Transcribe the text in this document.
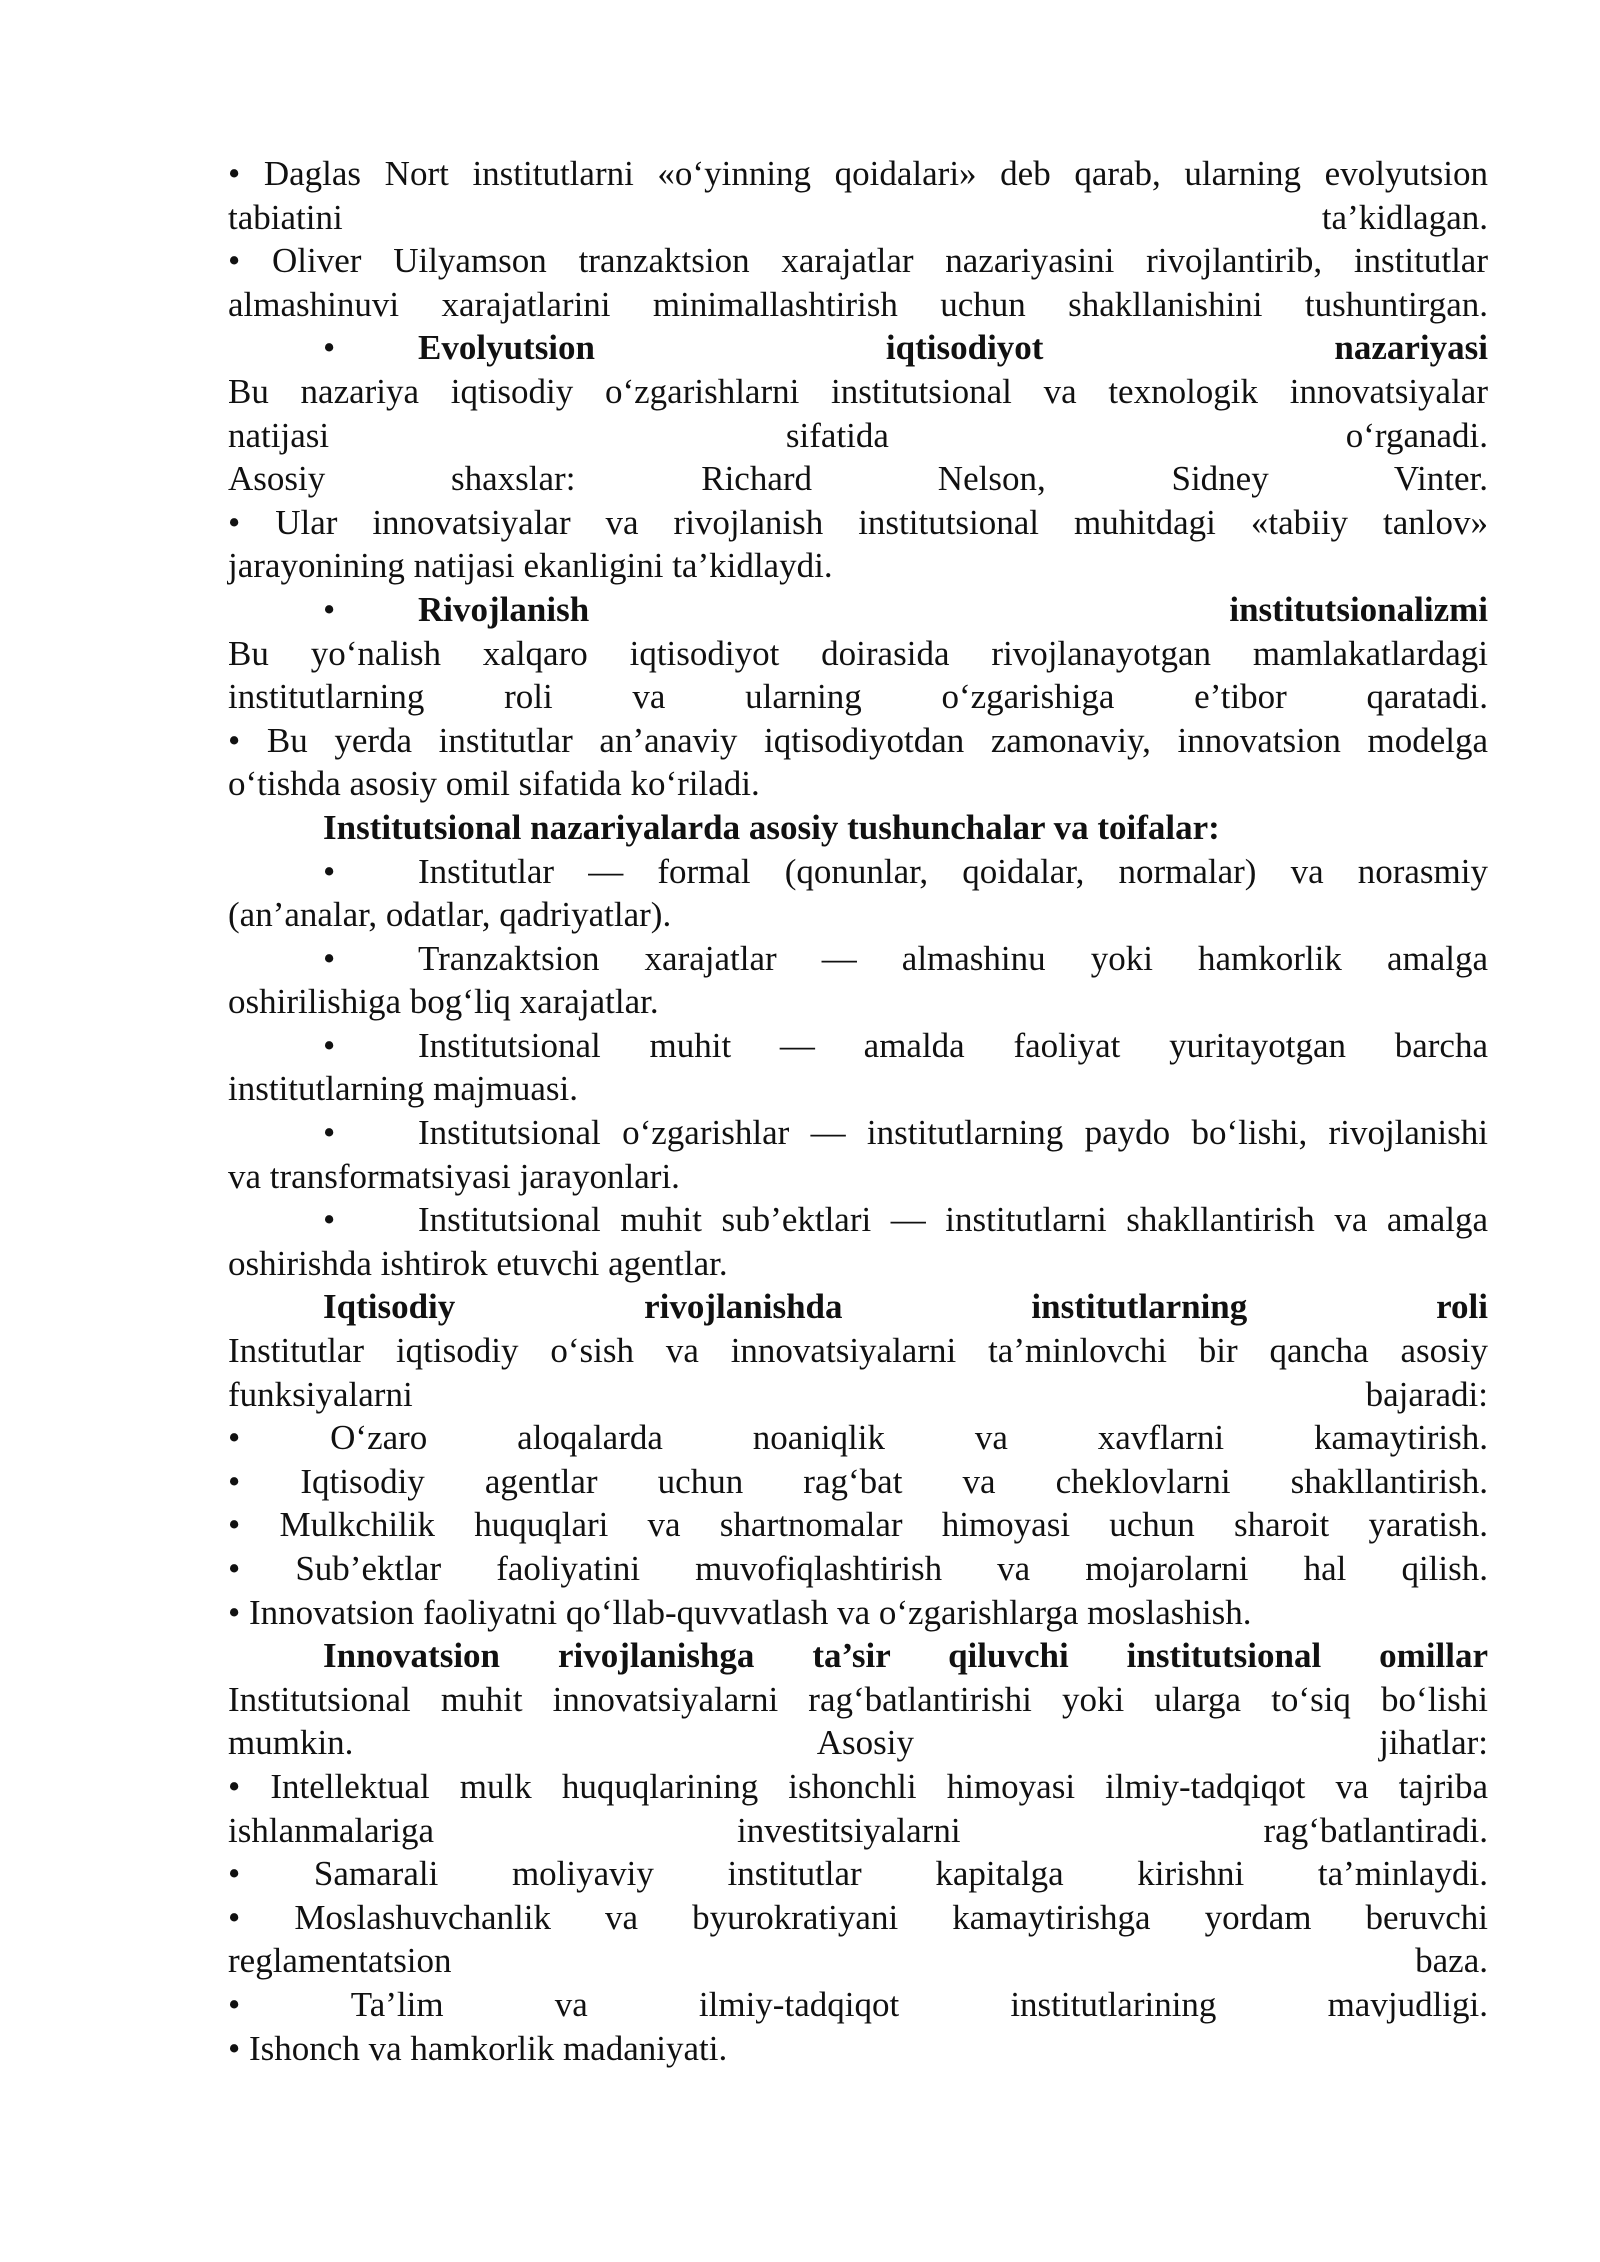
• Daglas Nort institutlarni «o‘yinning qoidalari» deb qarab, ularning evolyutsion

tabiatini	ta’kidlagan.

• Oliver Uilyamson tranzaktsion xarajatlar nazariyasini rivojlantirib, institutlar

almashinuvi xarajatlarini minimallashtirish uchun shakllanishini tushuntirgan.

•	Evolyutsion iqtisodiyot nazariyasi

Bu nazariya iqtisodiy o‘zgarishlarni institutsional va texnologik innovatsiyalar

natijasi sifatida o‘rganadi.

Asosiy shaxslar: Richard Nelson, Sidney Vinter.

• Ular innovatsiyalar va rivojlanish institutsional muhitdagi «tabiiy tanlov»

jarayonining natijasi ekanligini ta’kidlaydi.

•	Rivojlanish institutsionalizmi

Bu yo‘nalish xalqaro iqtisodiyot doirasida rivojlanayotgan mamlakatlardagi

institutlarning roli va ularning o‘zgarishiga e’tibor qaratadi.

• Bu yerda institutlar an’anaviy iqtisodiyotdan zamonaviy, innovatsion modelga

o‘tishda asosiy omil sifatida ko‘riladi.

Institutsional nazariyalarda asosiy tushunchalar va toifalar:

•	Institutlar — formal (qonunlar, qoidalar, normalar) va norasmiy

(an’analar, odatlar, qadriyatlar).

•	Tranzaktsion xarajatlar — almashinu yoki hamkorlik amalga

oshirilishiga bog‘liq xarajatlar.

•	Institutsional muhit — amalda faoliyat yuritayotgan barcha

institutlarning majmuasi.

•	Institutsional o‘zgarishlar — institutlarning paydo bo‘lishi, rivojlanishi

va transformatsiyasi jarayonlari.

•	Institutsional muhit sub’ektlari — institutlarni shakllantirish va amalga

oshirishda ishtirok etuvchi agentlar.

Iqtisodiy rivojlanishda institutlarning roli

Institutlar iqtisodiy o‘sish va innovatsiyalarni ta’minlovchi bir qancha asosiy

funksiyalarni bajaradi:

• O‘zaro aloqalarda noaniqlik va xavflarni kamaytirish.

• Iqtisodiy agentlar uchun rag‘bat va cheklovlarni shakllantirish.

• Mulkchilik huquqlari va shartnomalar himoyasi uchun sharoit yaratish.

• Sub’ektlar faoliyatini muvofiqlashtirish va mojarolarni hal qilish.

• Innovatsion faoliyatni qo‘llab-quvvatlash va o‘zgarishlarga moslashish.

Innovatsion rivojlanishga ta’sir qiluvchi institutsional omillar

Institutsional muhit innovatsiyalarni rag‘batlantirishi yoki ularga to‘siq bo‘lishi

mumkin. Asosiy jihatlar:

• Intellektual mulk huquqlarining ishonchli himoyasi ilmiy-tadqiqot va tajriba

ishlanmalariga investitsiyalarni rag‘batlantiradi.

• Samarali moliyaviy institutlar kapitalga kirishni ta’minlaydi.

• Moslashuvchanlik va byurokratiyani kamaytirishga yordam beruvchi

reglamentatsion baza.

• Ta’lim va ilmiy-tadqiqot institutlarining mavjudligi.

• Ishonch va hamkorlik madaniyati.
